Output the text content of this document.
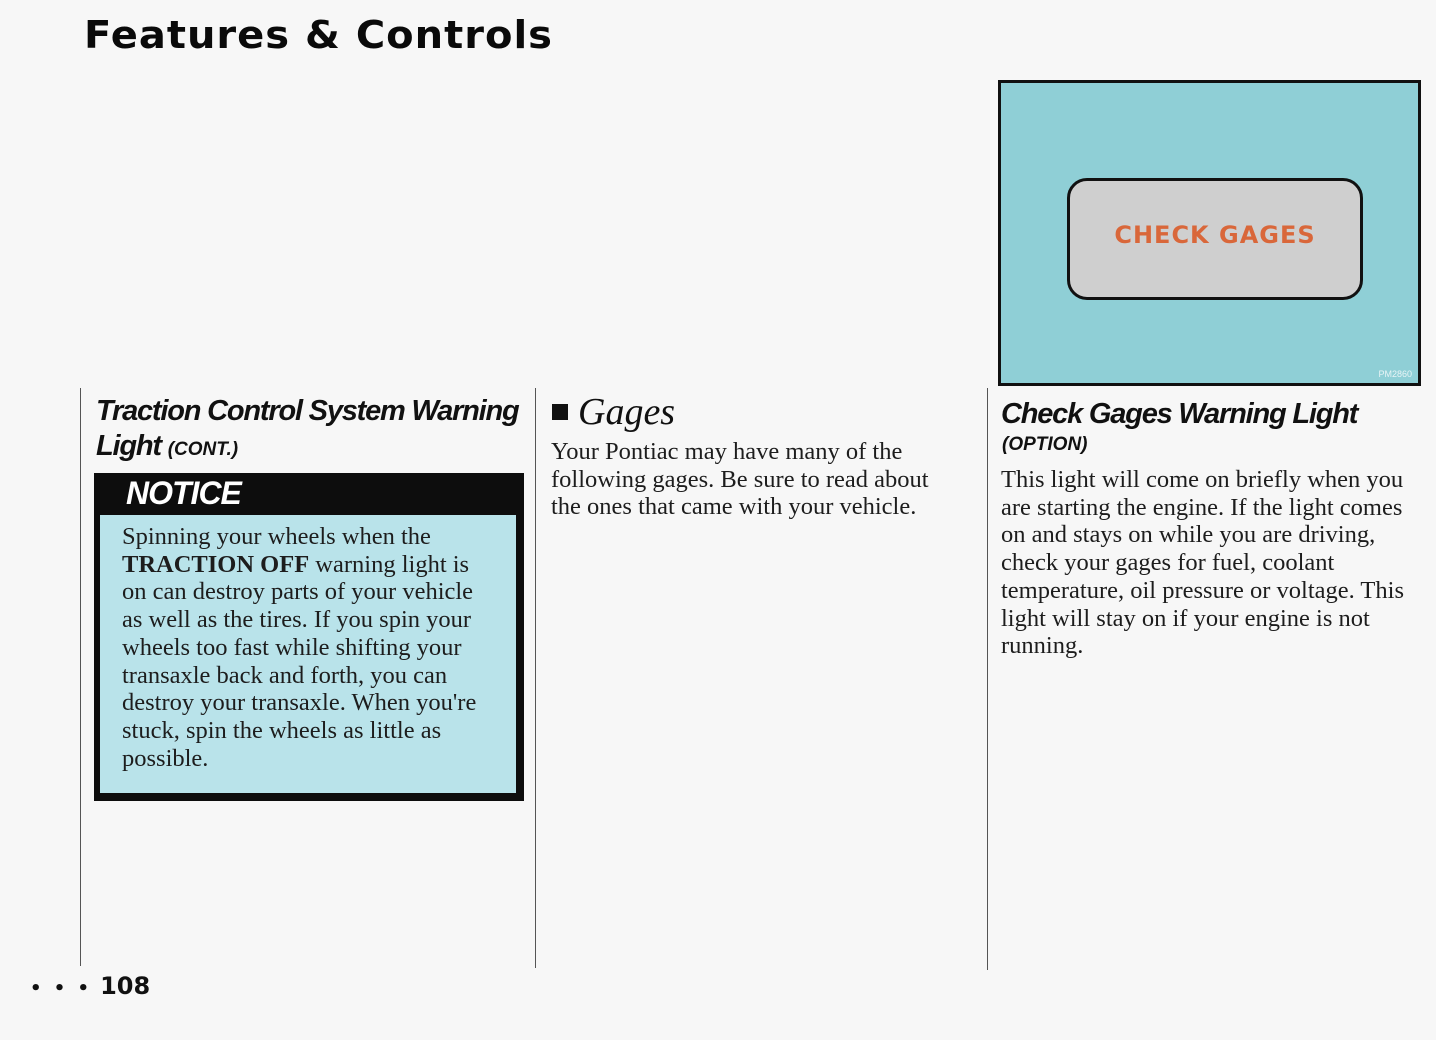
Features & Controls
Traction Control System Warning Light (CONT.)
NOTICE
Spinning your wheels when the TRACTION OFF warning light is on can destroy parts of your vehicle as well as the tires. If you spin your wheels too fast while shifting your transaxle back and forth, you can destroy your transaxle. When you're stuck, spin the wheels as little as possible.
Gages
Your Pontiac may have many of the following gages. Be sure to read about the ones that came with your vehicle.
CHECK GAGES
PM2860
Check Gages Warning Light
(OPTION)
This light will come on briefly when you are starting the engine. If the light comes on and stays on while you are driving, check your gages for fuel, coolant temperature, oil pressure or voltage. This light will stay on if your engine is not running.
• • • 108
